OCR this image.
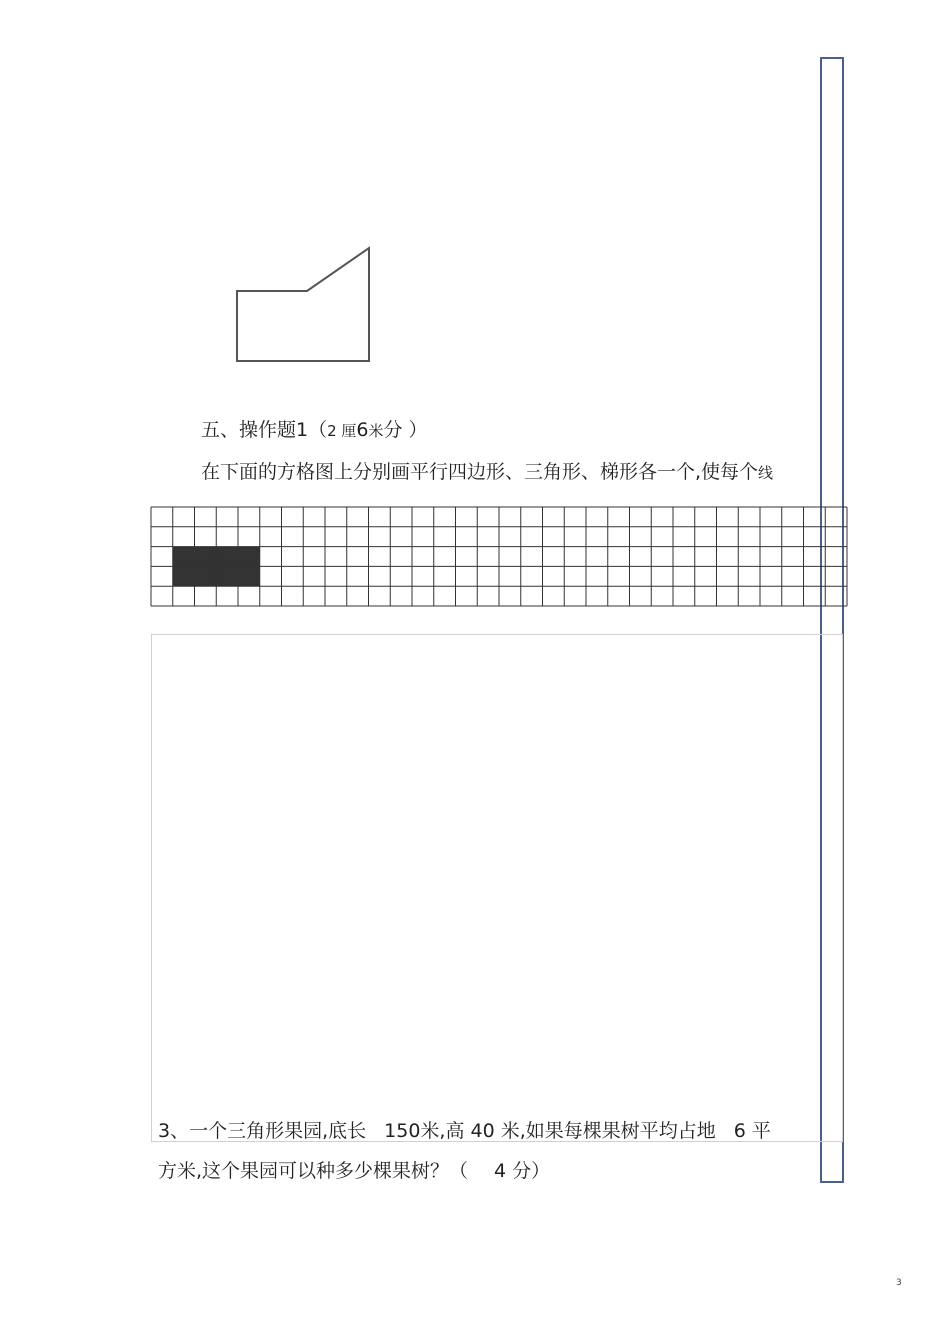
五、操作题1（2 厘6米分 ）
在下面的方格图上分别画平行四边形、三角形、梯形各一个,使每个线
3、一个三角形果园,底长 150米,高 40 米,如果每棵果树平均占地 6 平
方米,这个果园可以种多少棵果树？（ 4 分）
3
